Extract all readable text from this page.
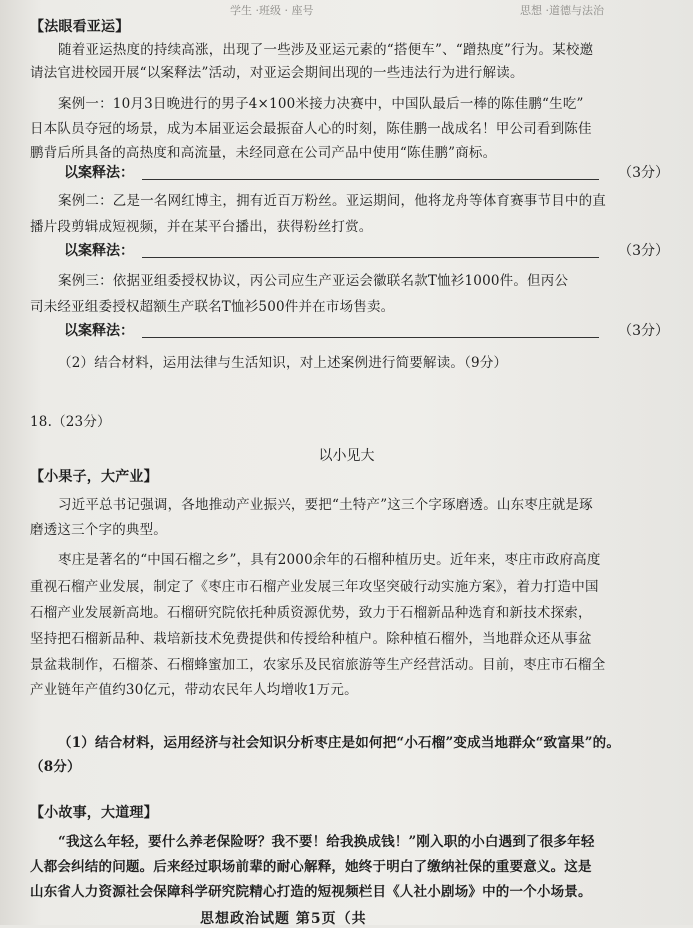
学生 ·班级 · 座号	思想 ·道德与法治
【法眼看亚运】
随着亚运热度的持续高涨，出现了一些涉及亚运元素的“搭便车”、“蹭热度”行为。某校邀
请法官进校园开展“以案释法”活动，对亚运会期间出现的一些违法行为进行解读。
案例一：10月3日晚进行的男子4×100米接力决赛中，中国队最后一棒的陈佳鹏“生吃”
日本队员夺冠的场景，成为本届亚运会最振奋人心的时刻，陈佳鹏一战成名！甲公司看到陈佳
鹏背后所具备的高热度和高流量，未经同意在公司产品中使用“陈佳鹏”商标。
以案释法：	（3分）
案例二：乙是一名网红博主，拥有近百万粉丝。亚运期间，他将龙舟等体育赛事节目中的直
播片段剪辑成短视频，并在某平台播出，获得粉丝打赏。
以案释法：	（3分）
案例三：依据亚组委授权协议，丙公司应生产亚运会徽联名款T恤衫1000件。但丙公
司未经亚组委授权超额生产联名T恤衫500件并在市场售卖。
以案释法：	（3分）
（2）结合材料，运用法律与生活知识，对上述案例进行简要解读。（9分）
18.（23分）
以小见大
【小果子，大产业】
习近平总书记强调，各地推动产业振兴，要把“土特产”这三个字琢磨透。山东枣庄就是琢
磨透这三个字的典型。
枣庄是著名的“中国石榴之乡”，具有2000余年的石榴种植历史。近年来，枣庄市政府高度
重视石榴产业发展，制定了《枣庄市石榴产业发展三年攻坚突破行动实施方案》，着力打造中国
石榴产业发展新高地。石榴研究院依托种质资源优势，致力于石榴新品种选育和新技术探索，
坚持把石榴新品种、栽培新技术免费提供和传授给种植户。除种植石榴外，当地群众还从事盆
景盆栽制作，石榴茶、石榴蜂蜜加工，农家乐及民宿旅游等生产经营活动。目前，枣庄市石榴全
产业链年产值约30亿元，带动农民年人均增收1万元。
（1）结合材料，运用经济与社会知识分析枣庄是如何把“小石榴”变成当地群众“致富果”的。
（8分）
【小故事，大道理】
“我这么年轻，要什么养老保险呀？我不要！给我换成钱！”刚入职的小白遇到了很多年轻
人都会纠结的问题。后来经过职场前辈的耐心解释，她终于明白了缴纳社保的重要意义。这是
山东省人力资源社会保障科学研究院精心打造的短视频栏目《人社小剧场》中的一个小场景。
思想政治试题 第5页（共
